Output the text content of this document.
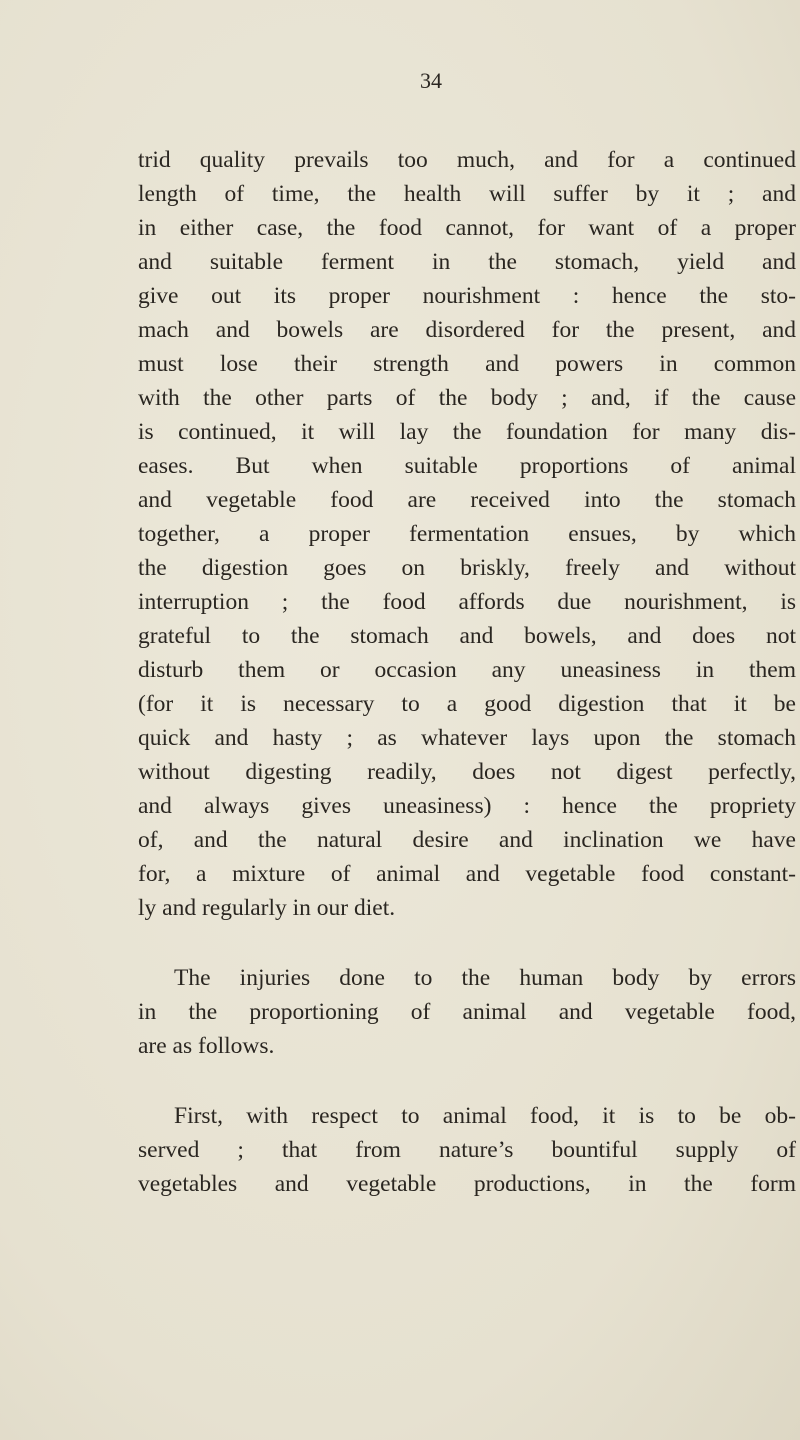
34
trid quality prevails too much, and for a continued
length of time, the health will suffer by it ; and
in either case, the food cannot, for want of a proper
and suitable ferment in the stomach, yield and
give out its proper nourishment : hence the sto-
mach and bowels are disordered for the present, and
must lose their strength and powers in common
with the other parts of the body ; and, if the cause
is continued, it will lay the foundation for many dis-
eases. But when suitable proportions of animal
and vegetable food are received into the stomach
together, a proper fermentation ensues, by which
the digestion goes on briskly, freely and without
interruption ; the food affords due nourishment, is
grateful to the stomach and bowels, and does not
disturb them or occasion any uneasiness in them
(for it is necessary to a good digestion that it be
quick and hasty ; as whatever lays upon the stomach
without digesting readily, does not digest perfectly,
and always gives uneasiness) : hence the propriety
of, and the natural desire and inclination we have
for, a mixture of animal and vegetable food constant-
ly and regularly in our diet.
The injuries done to the human body by errors
in the proportioning of animal and vegetable food,
are as follows.
First, with respect to animal food, it is to be ob-
served ; that from nature’s bountiful supply of
vegetables and vegetable productions, in the form
